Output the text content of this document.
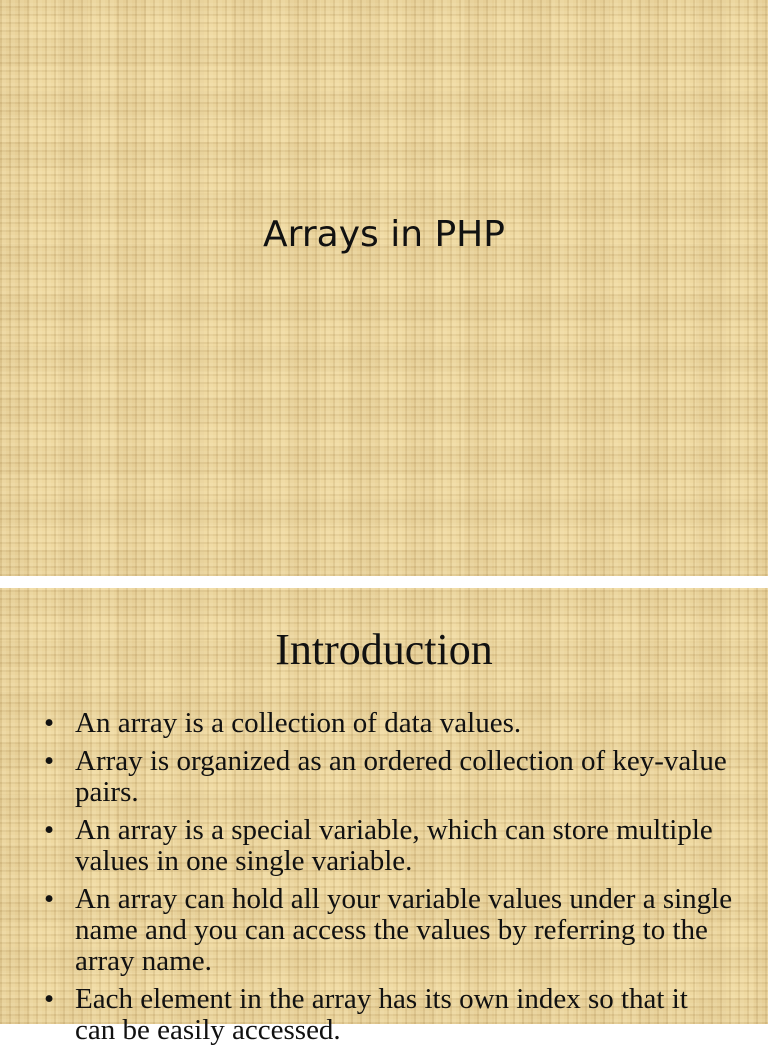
Arrays in PHP
Introduction
• An array is a collection of data values.
• Array is organized as an ordered collection of key-value pairs.
• An array is a special variable, which can store multiple values in one single variable.
• An array can hold all your variable values under a single name and you can access the values by referring to the array name.
• Each element in the array has its own index so that it can be easily accessed.
